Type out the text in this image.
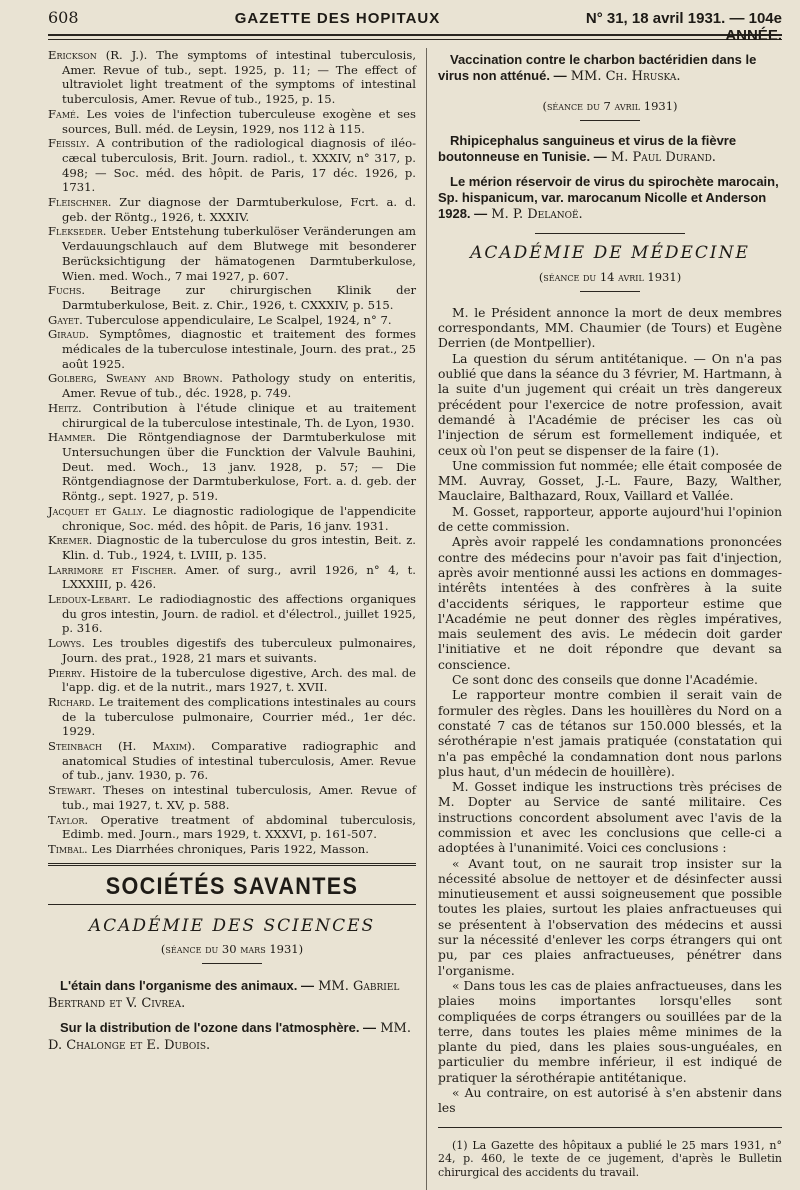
608	GAZETTE DES HOPITAUX	N° 31, 18 avril 1931. — 104e ANNÉE.

Erickson (R. J.). The symptoms of intestinal tuberculosis, Amer. Revue of tub., sept. 1925, p. 11; — The effect of ultraviolet light treatment of the symptoms of intestinal tuberculosis, Amer. Revue of tub., 1925, p. 15.

Famé. Les voies de l'infection tuberculeuse exogène et ses sources, Bull. méd. de Leysin, 1929, nos 112 à 115.

Feissly. A contribution of the radiological diagnosis of iléo-cæcal tuberculosis, Brit. Journ. radiol., t. XXXIV, n° 317, p. 498; — Soc. méd. des hôpit. de Paris, 17 déc. 1926, p. 1731.

Fleischner. Zur diagnose der Darmtuberkulose, Fcrt. a. d. geb. der Röntg., 1926, t. XXXIV.

Flekseder. Ueber Entstehung tuberkulöser Veränderungen am Verdauungschlauch auf dem Blutwege mit besonderer Berücksichtigung der hämatogenen Darmtuberkulose, Wien. med. Woch., 7 mai 1927, p. 607.

Fuchs. Beitrage zur chirurgischen Klinik der Darmtuberkulose, Beit. z. Chir., 1926, t. CXXXIV, p. 515.

Gayet. Tuberculose appendiculaire, Le Scalpel, 1924, n° 7.

Giraud. Symptômes, diagnostic et traitement des formes médicales de la tuberculose intestinale, Journ. des prat., 25 août 1925.

Golberg, Sweany and Brown. Pathology study on enteritis, Amer. Revue of tub., déc. 1928, p. 749.

Heitz. Contribution à l'étude clinique et au traitement chirurgical de la tuberculose intestinale, Th. de Lyon, 1930.

Hammer. Die Röntgendiagnose der Darmtuberkulose mit Untersuchungen über die Funcktion der Valvule Bauhini, Deut. med. Woch., 13 janv. 1928, p. 57; — Die Röntgendiagnose der Darmtuberkulose, Fort. a. d. geb. der Röntg., sept. 1927, p. 519.

Jacquet et Gally. Le diagnostic radiologique de l'appendicite chronique, Soc. méd. des hôpit. de Paris, 16 janv. 1931.

Kremer. Diagnostic de la tuberculose du gros intestin, Beit. z. Klin. d. Tub., 1924, t. LVIII, p. 135.

Larrimore et Fischer. Amer. of surg., avril 1926, n° 4, t. LXXXIII, p. 426.

Ledoux-Lebart. Le radiodiagnostic des affections organiques du gros intestin, Journ. de radiol. et d'électrol., juillet 1925, p. 316.

Lowys. Les troubles digestifs des tuberculeux pulmonaires, Journ. des prat., 1928, 21 mars et suivants.

Pierry. Histoire de la tuberculose digestive, Arch. des mal. de l'app. dig. et de la nutrit., mars 1927, t. XVII.

Richard. Le traitement des complications intestinales au cours de la tuberculose pulmonaire, Courrier méd., 1er déc. 1929.

Steinbach (H. Maxim). Comparative radiographic and anatomical Studies of intestinal tuberculosis, Amer. Revue of tub., janv. 1930, p. 76.

Stewart. Theses on intestinal tuberculosis, Amer. Revue of tub., mai 1927, t. XV, p. 588.

Taylor. Operative treatment of abdominal tuberculosis, Edimb. med. Journ., mars 1929, t. XXXVI, p. 161-507.

Timbal. Les Diarrhées chroniques, Paris 1922, Masson.

SOCIÉTÉS SAVANTES
ACADÉMIE DES SCIENCES
(séance du 30 mars 1931)

L'étain dans l'organisme des animaux. — MM. Gabriel Bertrand et V. Civrea.

Sur la distribution de l'ozone dans l'atmosphère. — MM. D. Chalonge et E. Dubois.

Vaccination contre le charbon bactéridien dans le virus non atténué. — MM. Ch. Hruska.

(séance du 7 avril 1931)

Rhipicephalus sanguineus et virus de la fièvre boutonneuse en Tunisie. — M. Paul Durand.

Le mérion réservoir de virus du spirochète marocain, Sp. hispanicum, var. marocanum Nicolle et Anderson 1928. — M. P. Delanoë.

ACADÉMIE DE MÉDECINE
(séance du 14 avril 1931)

M. le Président annonce la mort de deux membres correspondants, MM. Chaumier (de Tours) et Eugène Derrien (de Montpellier).

La question du sérum antitétanique. — On n'a pas oublié que dans la séance du 3 février, M. Hartmann, à la suite d'un jugement qui créait un très dangereux précédent pour l'exercice de notre profession, avait demandé à l'Académie de préciser les cas où l'injection de sérum est formellement indiquée, et ceux où l'on peut se dispenser de la faire (1).

Une commission fut nommée; elle était composée de MM. Auvray, Gosset, J.-L. Faure, Bazy, Walther, Mauclaire, Balthazard, Roux, Vaillard et Vallée.

M. Gosset, rapporteur, apporte aujourd'hui l'opinion de cette commission.

Après avoir rappelé les condamnations prononcées contre des médecins pour n'avoir pas fait d'injection, après avoir mentionné aussi les actions en dommages-intérêts intentées à des confrères à la suite d'accidents sériques, le rapporteur estime que l'Académie ne peut donner des règles impératives, mais seulement des avis. Le médecin doit garder l'initiative et ne doit répondre que devant sa conscience.

Ce sont donc des conseils que donne l'Académie.

Le rapporteur montre combien il serait vain de formuler des règles. Dans les houillères du Nord on a constaté 7 cas de tétanos sur 150.000 blessés, et la sérothérapie n'est jamais pratiquée (constatation qui n'a pas empêché la condamnation dont nous parlons plus haut, d'un médecin de houillère).

M. Gosset indique les instructions très précises de M. Dopter au Service de santé militaire. Ces instructions concordent absolument avec l'avis de la commission et avec les conclusions que celle-ci a adoptées à l'unanimité. Voici ces conclusions :

« Avant tout, on ne saurait trop insister sur la nécessité absolue de nettoyer et de désinfecter aussi minutieusement et aussi soigneusement que possible toutes les plaies, surtout les plaies anfractueuses qui se présentent à l'observation des médecins et aussi sur la nécessité d'enlever les corps étrangers qui ont pu, par ces plaies anfractueuses, pénétrer dans l'organisme.

« Dans tous les cas de plaies anfractueuses, dans les plaies moins importantes lorsqu'elles sont compliquées de corps étrangers ou souillées par de la terre, dans toutes les plaies même minimes de la plante du pied, dans les plaies sous-unguéales, en particulier du membre inférieur, il est indiqué de pratiquer la sérothérapie antitétanique.

« Au contraire, on est autorisé à s'en abstenir dans les

(1) La Gazette des hôpitaux a publié le 25 mars 1931, n° 24, p. 460, le texte de ce jugement, d'après le Bulletin chirurgical des accidents du travail.
